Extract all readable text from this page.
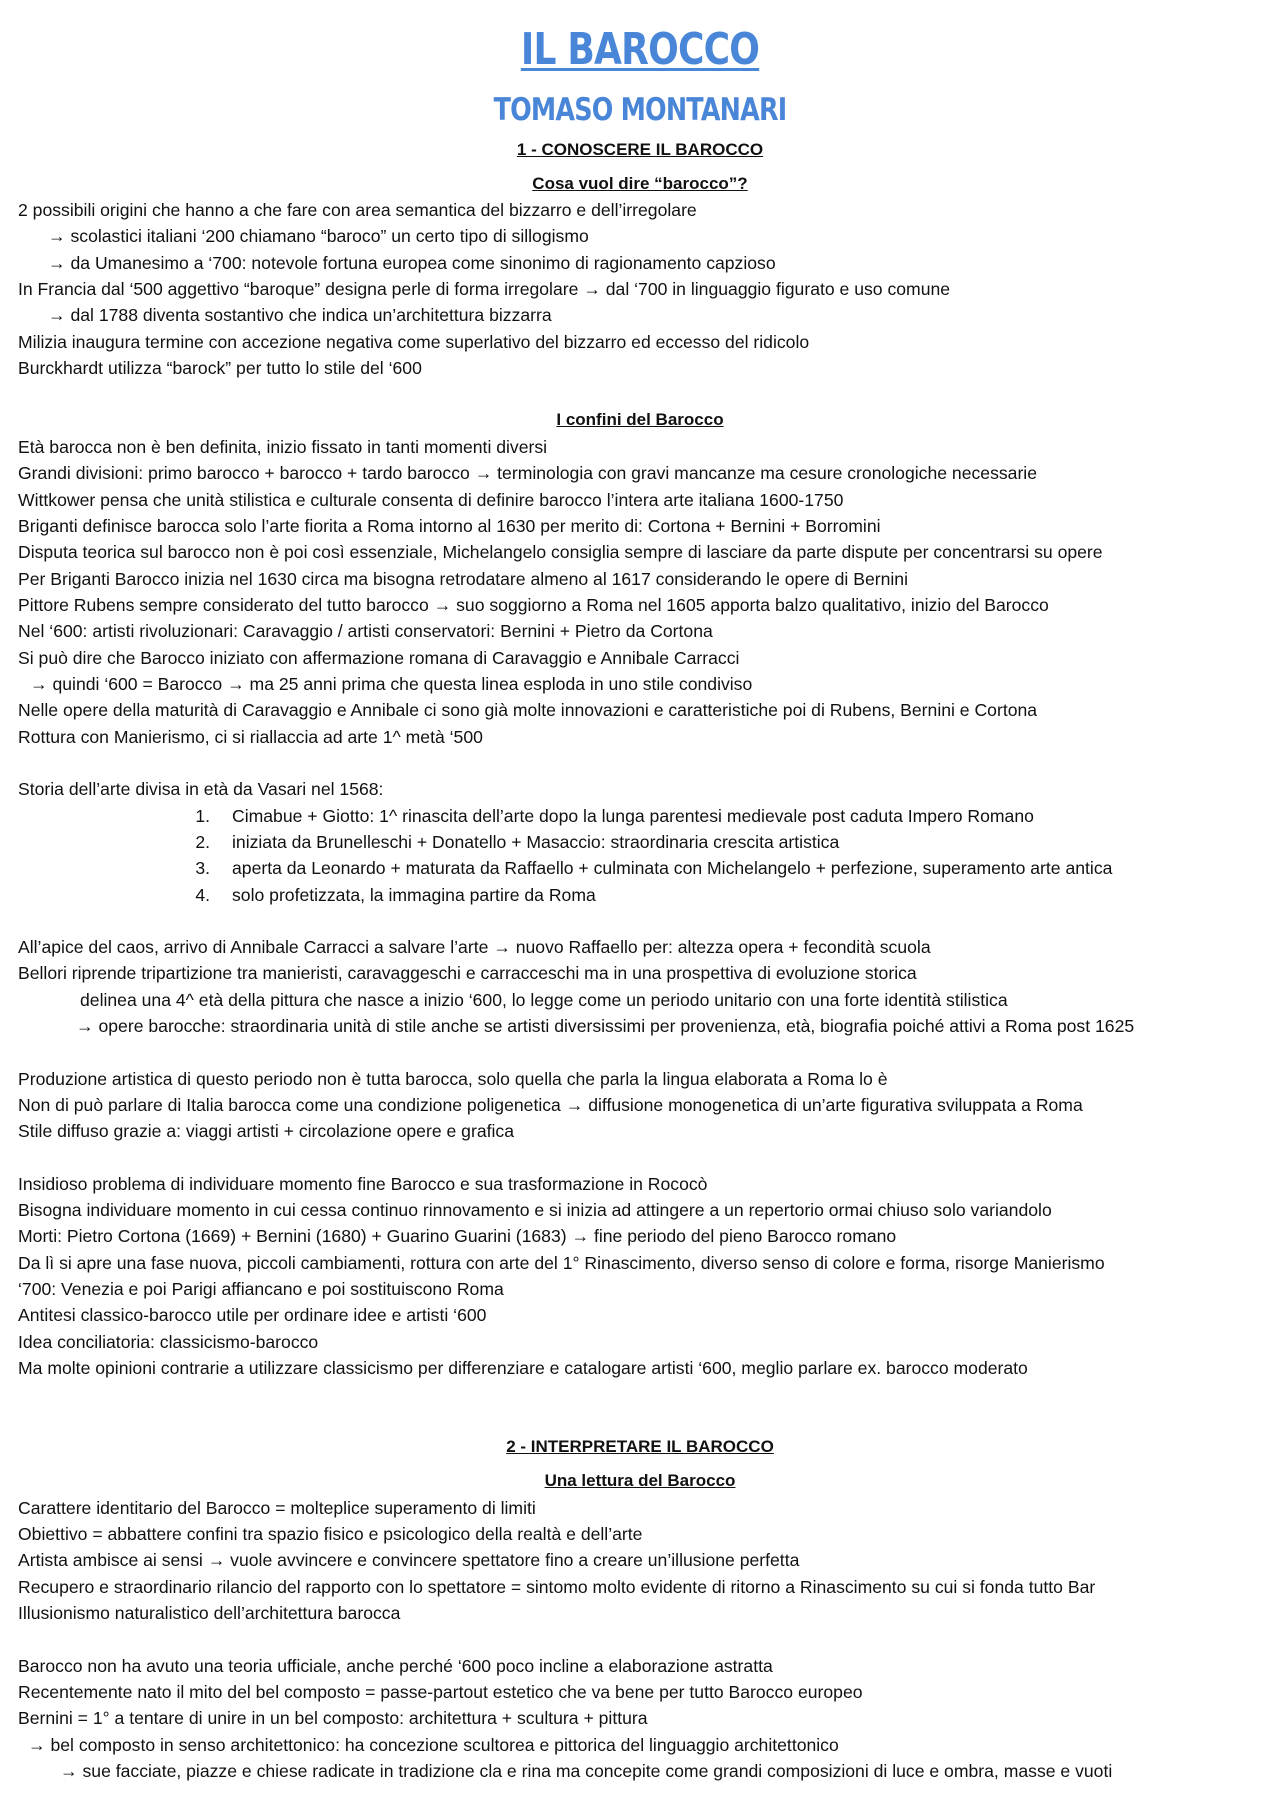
IL BAROCCO
TOMASO MONTANARI
1 - CONOSCERE IL BAROCCO
Cosa vuol dire “barocco”?
2 possibili origini che hanno a che fare con area semantica del bizzarro e dell’irregolare
→ scolastici italiani ‘200 chiamano “baroco” un certo tipo di sillogismo
→ da Umanesimo a ‘700: notevole fortuna europea come sinonimo di ragionamento capzioso
In Francia dal ‘500 aggettivo “baroque” designa perle di forma irregolare → dal ‘700 in linguaggio figurato e uso comune
→ dal 1788 diventa sostantivo che indica un’architettura bizzarra
Milizia inaugura termine con accezione negativa come superlativo del bizzarro ed eccesso del ridicolo
Burckhardt utilizza “barock” per tutto lo stile del ‘600
I confini del Barocco
Età barocca non è ben definita, inizio fissato in tanti momenti diversi
Grandi divisioni: primo barocco + barocco + tardo barocco → terminologia con gravi mancanze ma cesure cronologiche necessarie
Wittkower pensa che unità stilistica e culturale consenta di definire barocco l’intera arte italiana 1600-1750
Briganti definisce barocca solo l’arte fiorita a Roma intorno al 1630 per merito di: Cortona + Bernini + Borromini
Disputa teorica sul barocco non è poi così essenziale, Michelangelo consiglia sempre di lasciare da parte dispute per concentrarsi su opere
Per Briganti Barocco inizia nel 1630 circa ma bisogna retrodatare almeno al 1617 considerando le opere di Bernini
Pittore Rubens sempre considerato del tutto barocco → suo soggiorno a Roma nel 1605 apporta balzo qualitativo, inizio del Barocco
Nel ‘600: artisti rivoluzionari: Caravaggio / artisti conservatori: Bernini + Pietro da Cortona
Si può dire che Barocco iniziato con affermazione romana di Caravaggio e Annibale Carracci
→ quindi ‘600 = Barocco → ma 25 anni prima che questa linea esploda in uno stile condiviso
Nelle opere della maturità di Caravaggio e Annibale ci sono già molte innovazioni e caratteristiche poi di Rubens, Bernini e Cortona
Rottura con Manierismo, ci si riallaccia ad arte 1^ metà ‘500
Storia dell’arte divisa in età da Vasari nel 1568:
1. Cimabue + Giotto: 1^ rinascita dell’arte dopo la lunga parentesi medievale post caduta Impero Romano
2. iniziata da Brunelleschi + Donatello + Masaccio: straordinaria crescita artistica
3. aperta da Leonardo + maturata da Raffaello + culminata con Michelangelo + perfezione, superamento arte antica
4. solo profetizzata, la immagina partire da Roma
All’apice del caos, arrivo di Annibale Carracci a salvare l’arte → nuovo Raffaello per: altezza opera + fecondità scuola
Bellori riprende tripartizione tra manieristi, caravaggeschi e carracceschi ma in una prospettiva di evoluzione storica
delinea una 4^ età della pittura che nasce a inizio ‘600, lo legge come un periodo unitario con una forte identità stilistica
→ opere barocche: straordinaria unità di stile anche se artisti diversissimi per provenienza, età, biografia poiché attivi a Roma post 1625
Produzione artistica di questo periodo non è tutta barocca, solo quella che parla la lingua elaborata a Roma lo è
Non di può parlare di Italia barocca come una condizione poligenetica → diffusione monogenetica di un’arte figurativa sviluppata a Roma
Stile diffuso grazie a: viaggi artisti + circolazione opere e grafica
Insidioso problema di individuare momento fine Barocco e sua trasformazione in Rococò
Bisogna individuare momento in cui cessa continuo rinnovamento e si inizia ad attingere a un repertorio ormai chiuso solo variandolo
Morti: Pietro Cortona (1669) + Bernini (1680) + Guarino Guarini (1683) → fine periodo del pieno Barocco romano
Da lì si apre una fase nuova, piccoli cambiamenti, rottura con arte del 1° Rinascimento, diverso senso di colore e forma, risorge Manierismo
‘700: Venezia e poi Parigi affiancano e poi sostituiscono Roma
Antitesi classico-barocco utile per ordinare idee e artisti ‘600
Idea conciliatoria: classicismo-barocco
Ma molte opinioni contrarie a utilizzare classicismo per differenziare e catalogare artisti ‘600, meglio parlare ex. barocco moderato
2 - INTERPRETARE IL BAROCCO
Una lettura del Barocco
Carattere identitario del Barocco = molteplice superamento di limiti
Obiettivo = abbattere confini tra spazio fisico e psicologico della realtà e dell’arte
Artista ambisce ai sensi → vuole avvincere e convincere spettatore fino a creare un’illusione perfetta
Recupero e straordinario rilancio del rapporto con lo spettatore = sintomo molto evidente di ritorno a Rinascimento su cui si fonda tutto Bar
Illusionismo naturalistico dell’architettura barocca
Barocco non ha avuto una teoria ufficiale, anche perché ‘600 poco incline a elaborazione astratta
Recentemente nato il mito del bel composto = passe-partout estetico che va bene per tutto Barocco europeo
Bernini = 1° a tentare di unire in un bel composto: architettura + scultura + pittura
→ bel composto in senso architettonico: ha concezione scultorea e pittorica del linguaggio architettonico
→ sue facciate, piazze e chiese radicate in tradizione cla e rina ma concepite come grandi composizioni di luce e ombra, masse e vuoti
